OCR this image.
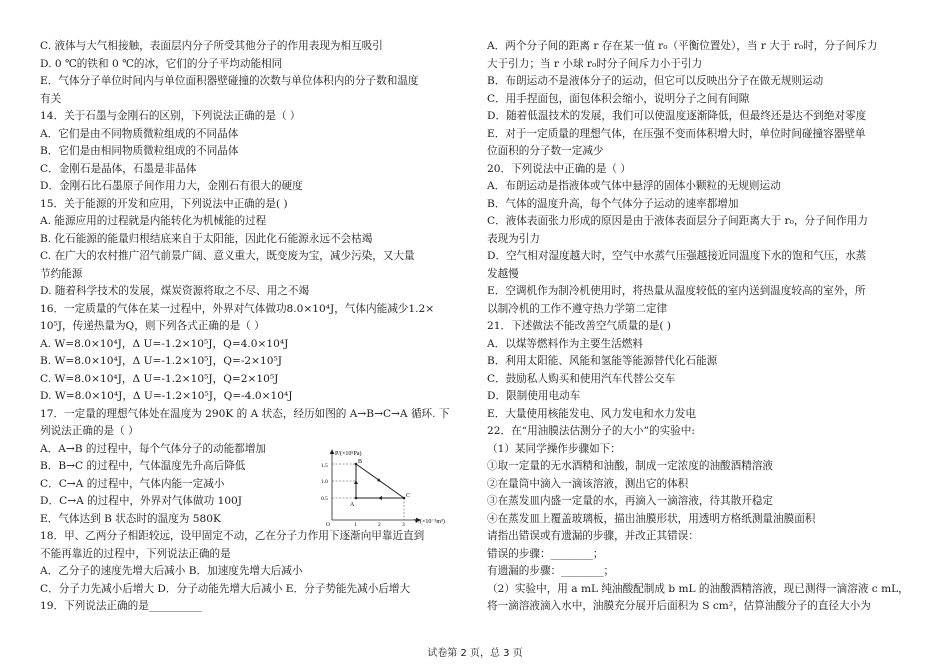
C. 液体与大气相接触，表面层内分子所受其他分子的作用表现为相互吸引
D. 0 ℃的铁和 0 ℃的冰，它们的分子平均动能相同
E．气体分子单位时间内与单位面积器壁碰撞的次数与单位体积内的分子数和温度
有关
14．关于石墨与金刚石的区别，下列说法正确的是（ ）
A．它们是由不同物质微粒组成的不同晶体
B．它们是由相同物质微粒组成的不同晶体
C．金刚石是晶体，石墨是非晶体
D．金刚石比石墨原子间作用力大，金刚石有很大的硬度
15．关于能源的开发和应用，下列说法中正确的是( )
A. 能源应用的过程就是内能转化为机械能的过程
B. 化石能源的能量归根结底来自于太阳能，因此化石能源永远不会枯竭
C. 在广大的农村推广沼气前景广阔、意义重大，既变废为宝，减少污染，又大量
节约能源
D. 随着科学技术的发展，煤炭资源将取之不尽、用之不竭
16．一定质量的气体在某一过程中，外界对气体做功8.0×10⁴J，气体内能减少1.2×
10⁵J，传递热量为Q，则下列各式正确的是（ ）
A. W=8.0×10⁴J，Δ U=-1.2×10⁵J，Q=4.0×10⁴J
B. W=8.0×10⁴J，Δ U=-1.2×10⁵J，Q=-2×10⁵J
C. W=8.0×10⁴J，Δ U=-1.2×10⁵J，Q=2×10⁵J
D. W=8.0×10⁴J，Δ U=-1.2×10⁵J，Q=-4.0×10⁴J
17．一定量的理想气体处在温度为 290K 的 A 状态，经历如图的 A→B→C→A 循环. 下
列说法正确的是（ ）
A．A→B 的过程中，每个气体分子的动能都增加
B．B→C 的过程中，气体温度先升高后降低
C．C→A 的过程中，气体内能一定减小
D．C→A 的过程中，外界对气体做功 100J
E．气体达到 B 状态时的温度为 580K
18．甲、乙两分子相距较远，设甲固定不动，乙在分子力作用下逐渐向甲靠近直到
不能再靠近的过程中，下列说法正确的是
A．乙分子的速度先增大后减小 B．加速度先增大后减小
C．分子力先减小后增大 D．分子动能先增大后减小 E．分子势能先减小后增大
19．下列说法正确的是__________
A．两个分子间的距离 r 存在某一值 r₀（平衡位置处），当 r 大于 r₀时，分子间斥力
大于引力；当 r 小球 r₀时分子间斥力小于引力
B．布朗运动不是液体分子的运动，但它可以反映出分子在做无规则运动
C．用手捏面包，面包体积会缩小，说明分子之间有间隙
D．随着低温技术的发展，我们可以使温度逐渐降低，但最终还是达不到绝对零度
E．对于一定质量的理想气体，在压强不变而体积增大时，单位时间碰撞容器壁单
位面积的分子数一定减少
20．下列说法中正确的是（ ）
A．布朗运动是指液体或气体中悬浮的固体小颗粒的无规则运动
B．气体的温度升高，每个气体分子运动的速率都增加
C．液体表面张力形成的原因是由于液体表面层分子间距离大于 r₀，分子间作用力
表现为引力
D．空气相对湿度越大时，空气中水蒸气压强越接近同温度下水的饱和气压，水蒸
发越慢
E．空调机作为制冷机使用时，将热量从温度较低的室内送到温度较高的室外，所
以制冷机的工作不遵守热力学第二定律
21．下述做法不能改善空气质量的是( )
A．以煤等燃料作为主要生活燃料
B．利用太阳能、风能和氢能等能源替代化石能源
C．鼓励私人购买和使用汽车代替公交车
D．限制使用电动车
E．大量使用核能发电、风力发电和水力发电
22．在“用油膜法估测分子的大小”的实验中:
（1）某同学操作步骤如下：
①取一定量的无水酒精和油酸，制成一定浓度的油酸酒精溶液
②在量筒中滴入一滴该溶液，测出它的体积
③在蒸发皿内盛一定量的水，再滴入一滴溶液，待其散开稳定
④在蒸发皿上覆盖玻璃板，描出油膜形状，用透明方格纸测量油膜面积
请指出错误或有遗漏的步骤，并改正其错误：
错误的步骤：________；
有遗漏的步骤：________；
（2）实验中，用 a mL 纯油酸配制成 b mL 的油酸酒精溶液，现已测得一滴溶液 c mL，
将一滴溶液滴入水中，油膜充分展开后面积为 S cm²，估算油酸分子的直径大小为
P/(×10⁵Pa)
V/(×10⁻³m³)
1.5
1.0
0.5
O	1	2	3
A
B
C
试卷第 2 页，总 3 页
